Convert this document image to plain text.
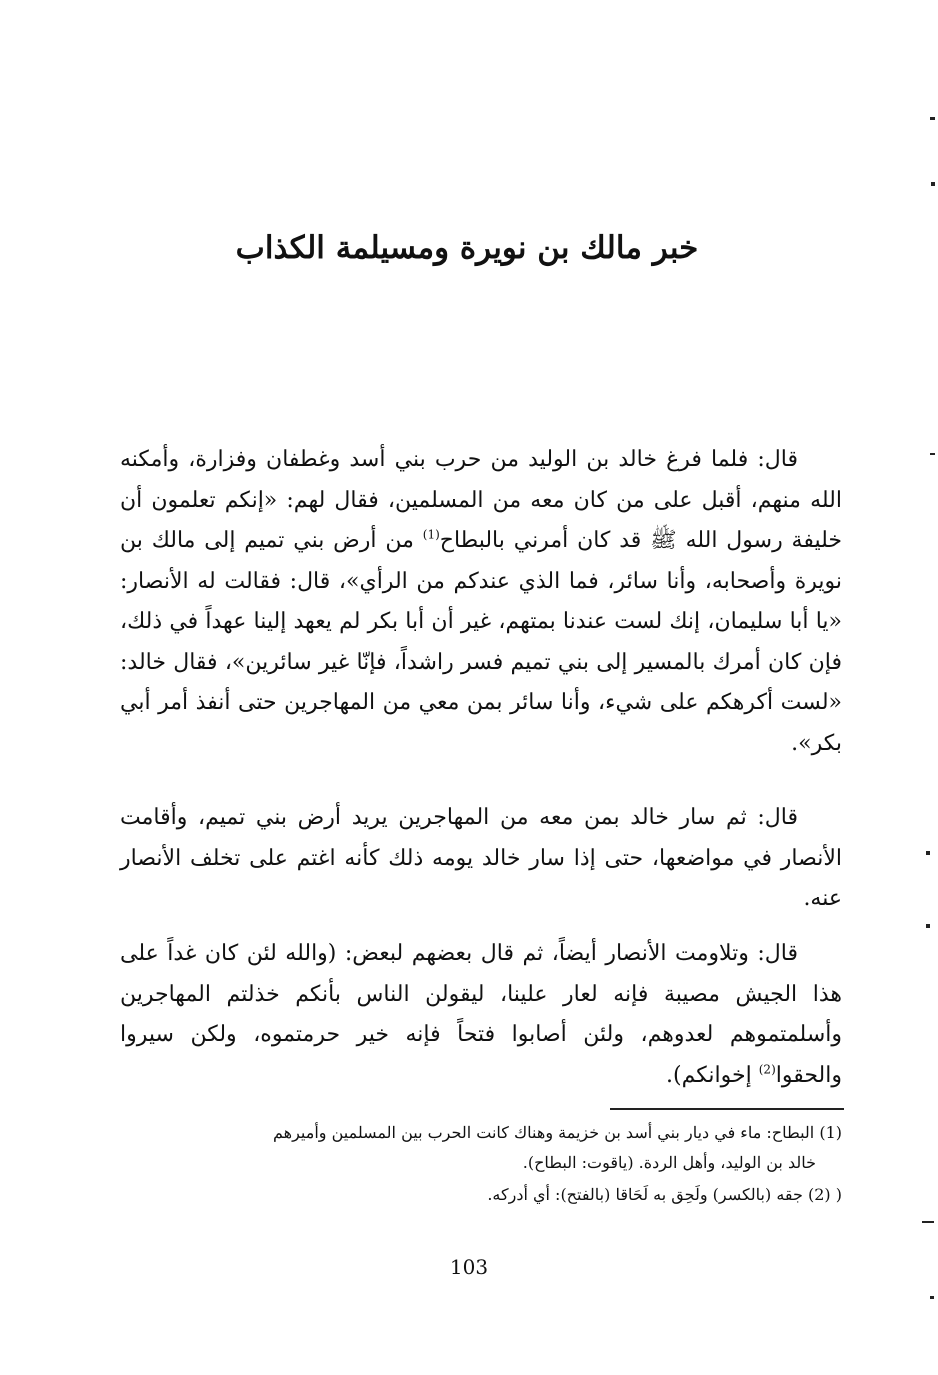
خبر مالك بن نويرة ومسيلمة الكذاب
قال: فلما فرغ خالد بن الوليد من حرب بني أسد وغطفان وفزارة، وأمكنه الله منهم، أقبل على من كان معه من المسلمين، فقال لهم: «إنكم تعلمون أن خليفة رسول الله ﷺ قد كان أمرني بالبطاح$^{(1)}$ من أرض بني تميم إلى مالك بن نويرة وأصحابه، وأنا سائر، فما الذي عندكم من الرأي»، قال: فقالت له الأنصار: «يا أبا سليمان، إنك لست عندنا بمتهم، غير أن أبا بكر لم يعهد إلينا عهداً في ذلك، فإن كان أمرك بالمسير إلى بني تميم فسر راشداً، فإنّا غير سائرين»، فقال خالد: «لست أكرهكم على شيء، وأنا سائر بمن معي من المهاجرين حتى أنفذ أمر أبي بكر».
قال: ثم سار خالد بمن معه من المهاجرين يريد أرض بني تميم، وأقامت الأنصار في مواضعها، حتى إذا سار خالد يومه ذلك كأنه اغتم على تخلف الأنصار عنه.
قال: وتلاومت الأنصار أيضاً، ثم قال بعضهم لبعض: (والله لئن كان غداً على هذا الجيش مصيبة فإنه لعار علينا، ليقولن الناس بأنكم خذلتم المهاجرين وأسلمتموهم لعدوهم، ولئن أصابوا فتحاً فإنه خير حرمتموه، ولكن سيروا والحقوا$^{(2)}$ إخوانكم).
(1) البطاح: ماء في ديار بني أسد بن خزيمة وهناك كانت الحرب بين المسلمين وأميرهم
خالد بن الوليد، وأهل الردة. (ياقوت: البطاح).
( (2) جقه (بالكسر) ولَحِق به لَحَاقا (بالفتح): أي أدركه.
103
